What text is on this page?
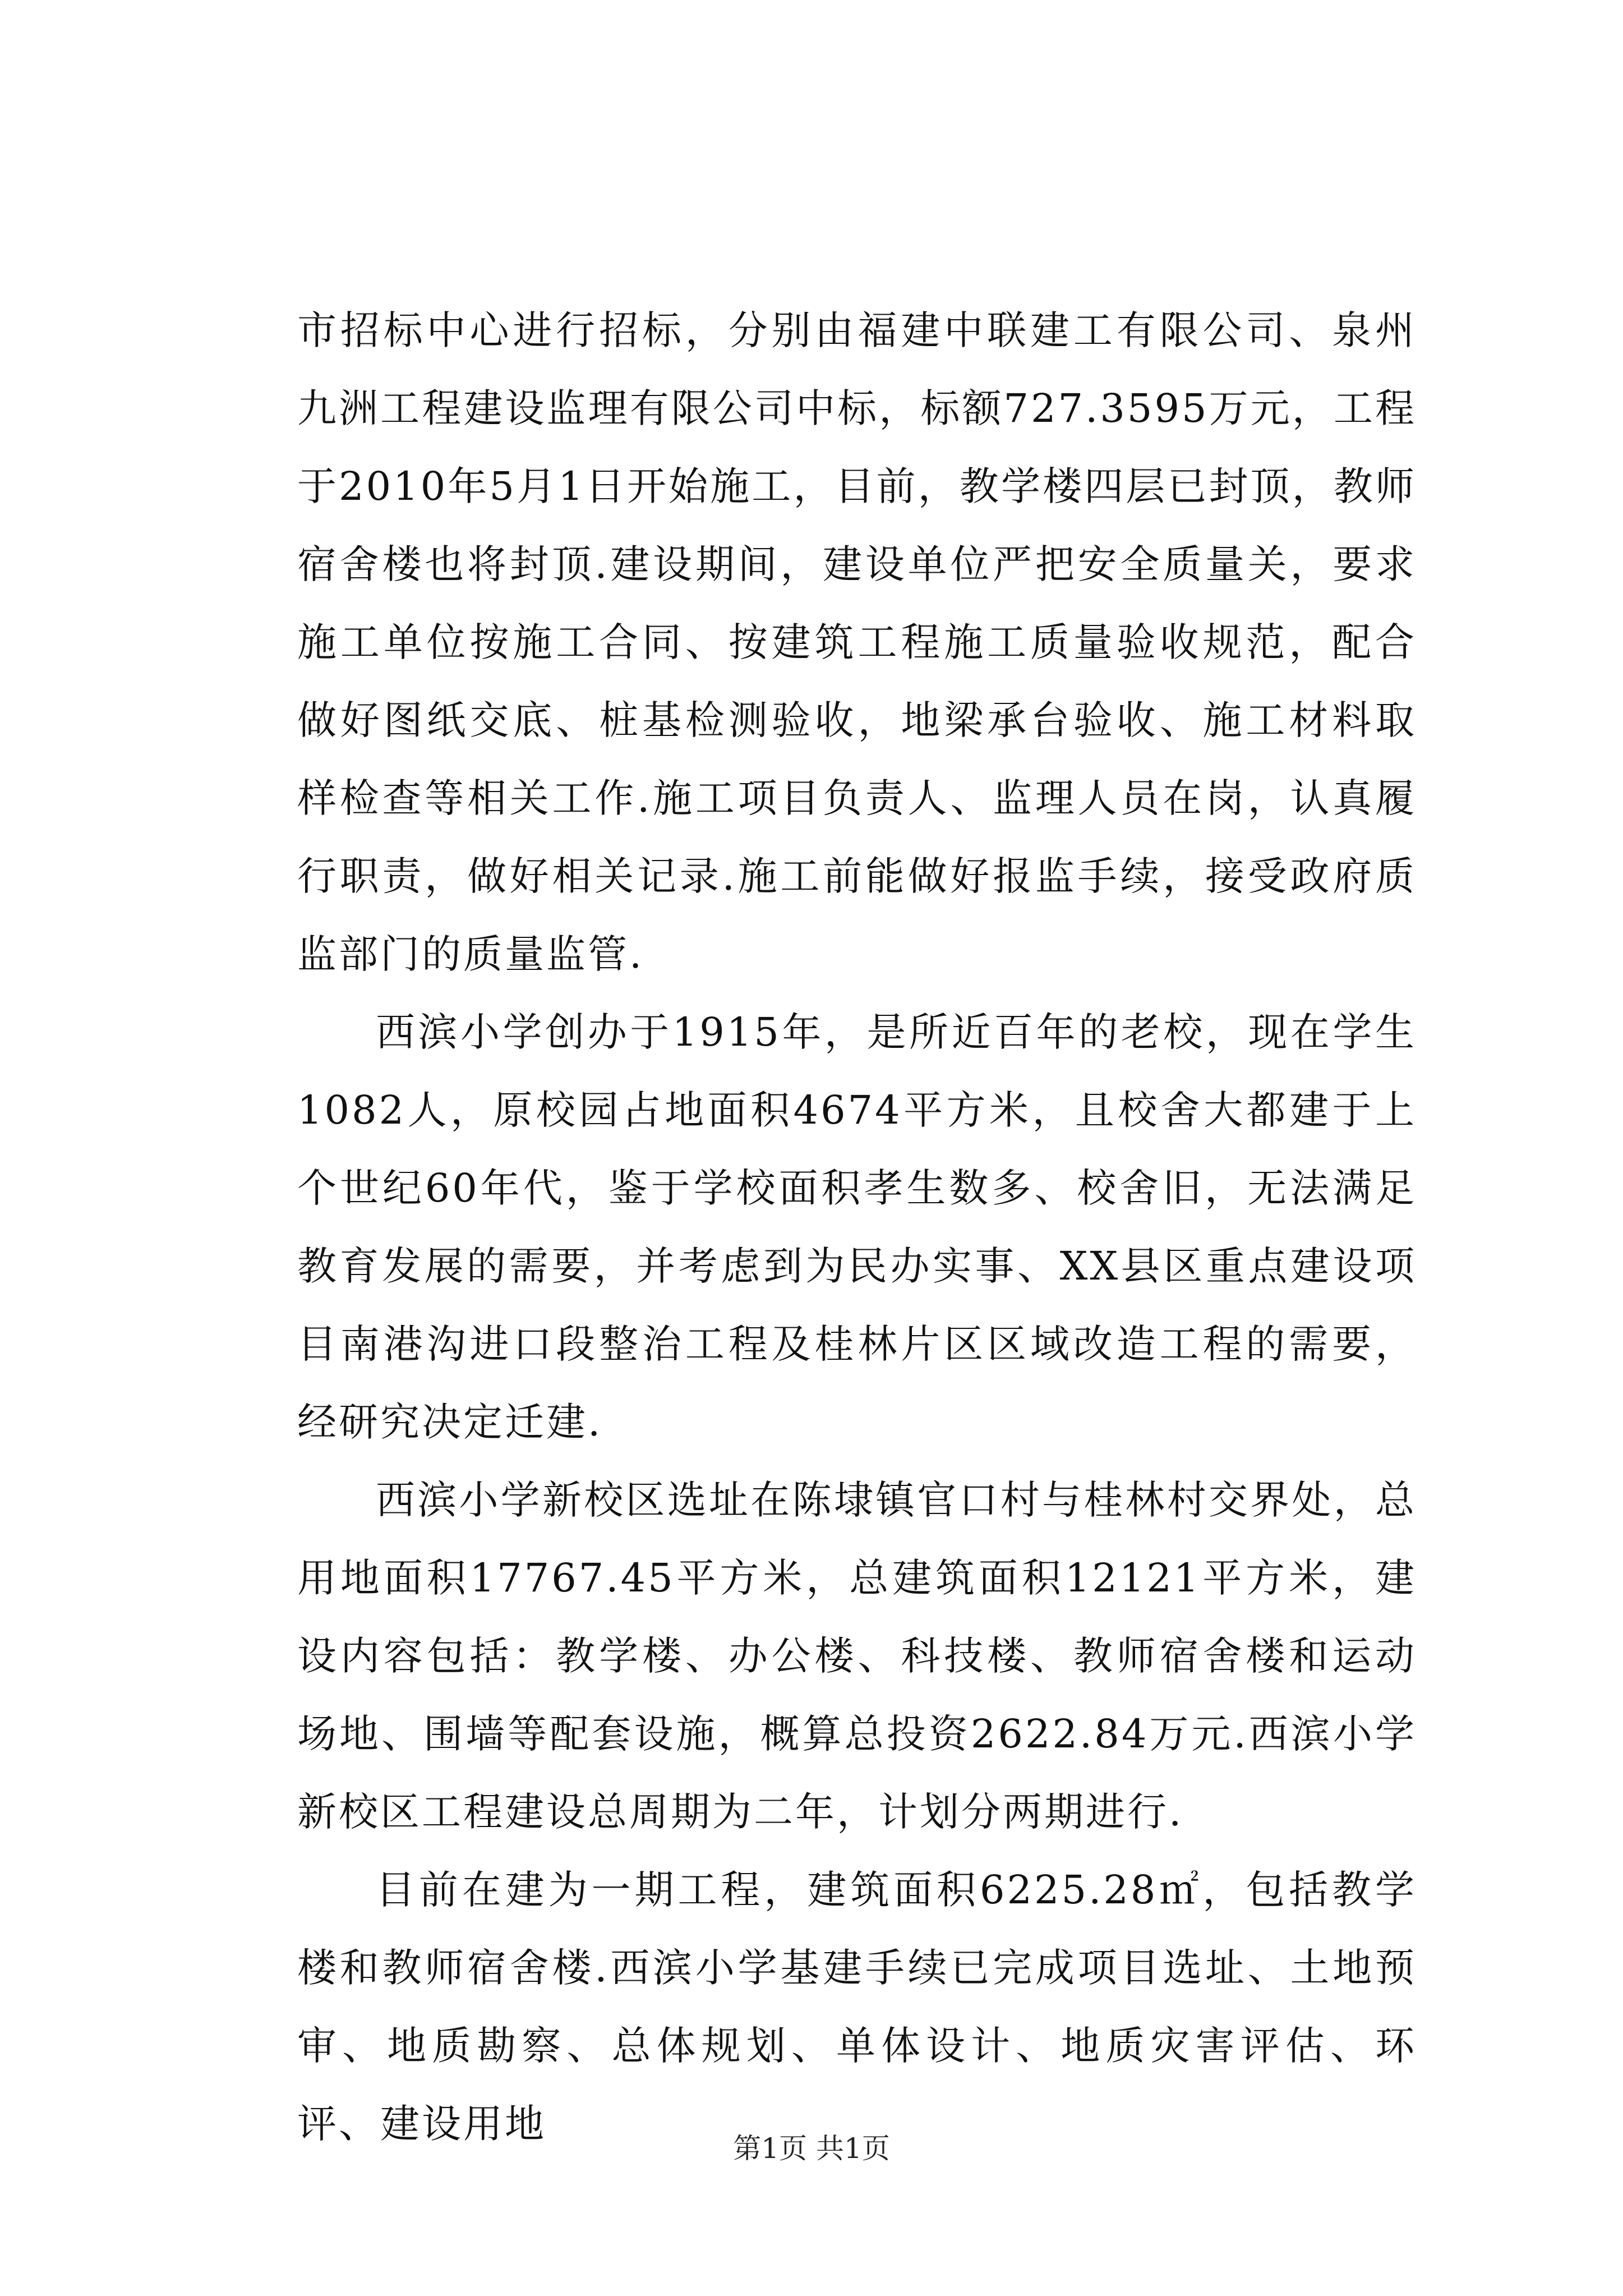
市招标中心进行招标，分别由福建中联建工有限公司、泉州九洲工程建设监理有限公司中标，标额727.3595万元，工程于2010年5月1日开始施工，目前，教学楼四层已封顶，教师宿舍楼也将封顶.建设期间，建设单位严把安全质量关，要求施工单位按施工合同、按建筑工程施工质量验收规范，配合做好图纸交底、桩基检测验收，地梁承台验收、施工材料取样检查等相关工作.施工项目负责人、监理人员在岗，认真履行职责，做好相关记录.施工前能做好报监手续，接受政府质监部门的质量监管.

西滨小学创办于1915年，是所近百年的老校，现在学生1082人，原校园占地面积4674平方米，且校舍大都建于上个世纪60年代，鉴于学校面积孝生数多、校舍旧，无法满足教育发展的需要，并考虑到为民办实事、XX县区重点建设项目南港沟进口段整治工程及桂林片区区域改造工程的需要，经研究决定迁建.

西滨小学新校区选址在陈埭镇官口村与桂林村交界处，总用地面积17767.45平方米，总建筑面积12121平方米，建设内容包括：教学楼、办公楼、科技楼、教师宿舍楼和运动场地、围墙等配套设施，概算总投资2622.84万元.西滨小学新校区工程建设总周期为二年，计划分两期进行.

目前在建为一期工程，建筑面积6225.28㎡，包括教学楼和教师宿舍楼.西滨小学基建手续已完成项目选址、土地预审、地质勘察、总体规划、单体设计、地质灾害评估、环评、建设用地

第1页 共1页
